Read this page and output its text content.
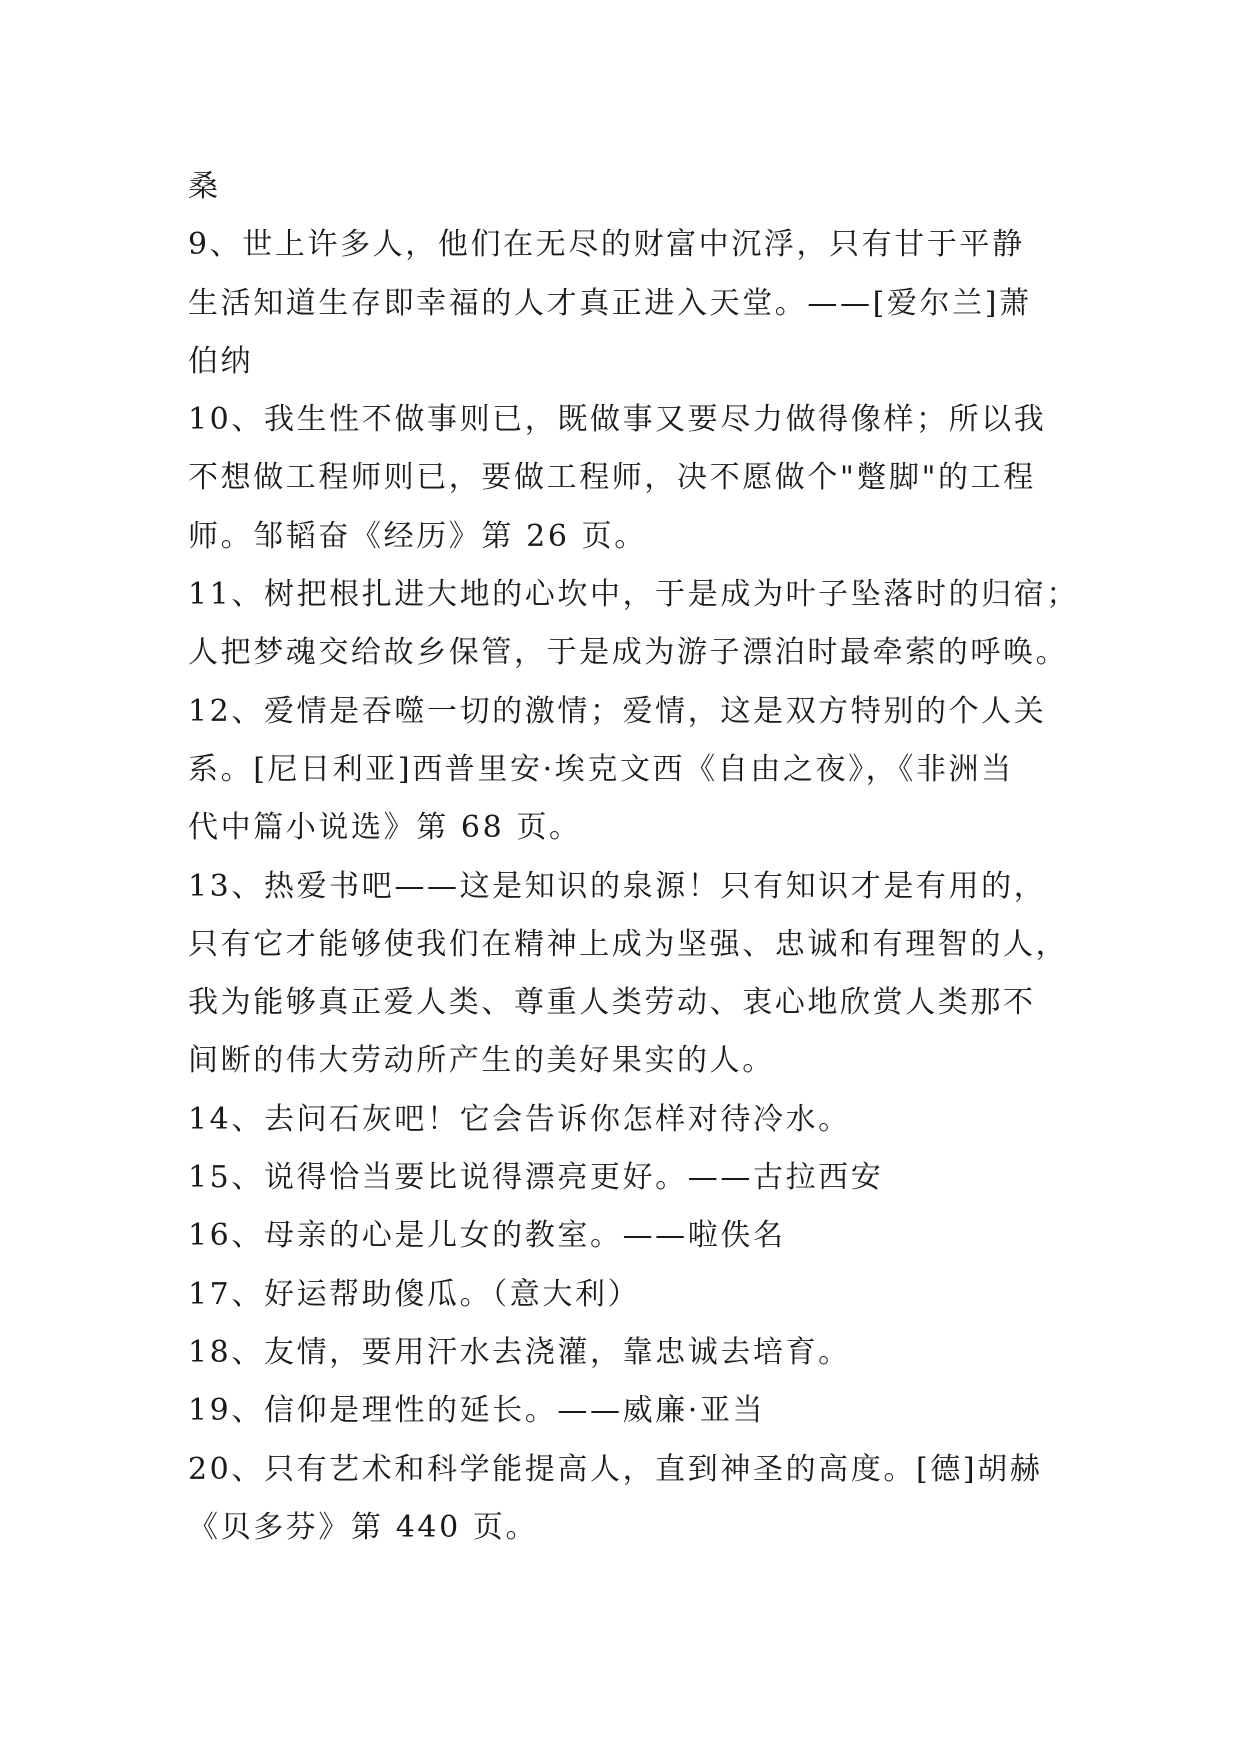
桑
9、世上许多人，他们在无尽的财富中沉浮，只有甘于平静
生活知道生存即幸福的人才真正进入天堂。——[爱尔兰]萧
伯纳
10、我生性不做事则已，既做事又要尽力做得像样；所以我
不想做工程师则已，要做工程师，决不愿做个"蹩脚"的工程
师。邹韬奋《经历》第 26 页。
11、树把根扎进大地的心坎中，于是成为叶子坠落时的归宿；
人把梦魂交给故乡保管，于是成为游子漂泊时最牵萦的呼唤。
12、爱情是吞噬一切的激情；爱情，这是双方特别的个人关
系。[尼日利亚]西普里安·埃克文西《自由之夜》，《非洲当
代中篇小说选》第 68 页。
13、热爱书吧——这是知识的泉源！只有知识才是有用的，
只有它才能够使我们在精神上成为坚强、忠诚和有理智的人，
我为能够真正爱人类、尊重人类劳动、衷心地欣赏人类那不
间断的伟大劳动所产生的美好果实的人。
14、去问石灰吧！它会告诉你怎样对待冷水。
15、说得恰当要比说得漂亮更好。——古拉西安
16、母亲的心是儿女的教室。——啦佚名
17、好运帮助傻瓜。（意大利）
18、友情，要用汗水去浇灌，靠忠诚去培育。
19、信仰是理性的延长。——威廉·亚当
20、只有艺术和科学能提高人，直到神圣的高度。[德]胡赫
《贝多芬》第 440 页。
